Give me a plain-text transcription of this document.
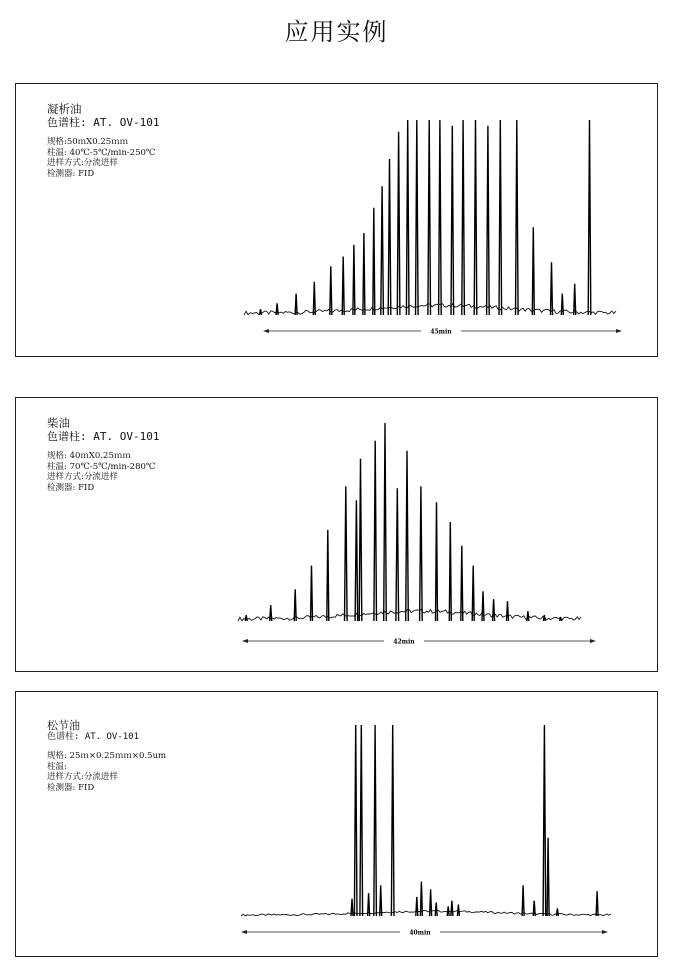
应用实例
凝析油
色谱柱: AT. OV-101
规格:50ｍX0.25ｍｍ
柱温: 40℃-5℃/min-250℃
进样方式:分流进样
检测器: FID
45min
柴油
色谱柱: AT. OV-101
规格: 40ｍX0.25ｍｍ
柱温: 70℃-5℃/min-280℃
进样方式:分流进样
检测器: FID
42min
松节油
色谱柱: AT. OV-101
规格: 25ｍ×0.25ｍｍ×0.5um
柱温:
进样方式:分流进样
检测器: FID
40min
